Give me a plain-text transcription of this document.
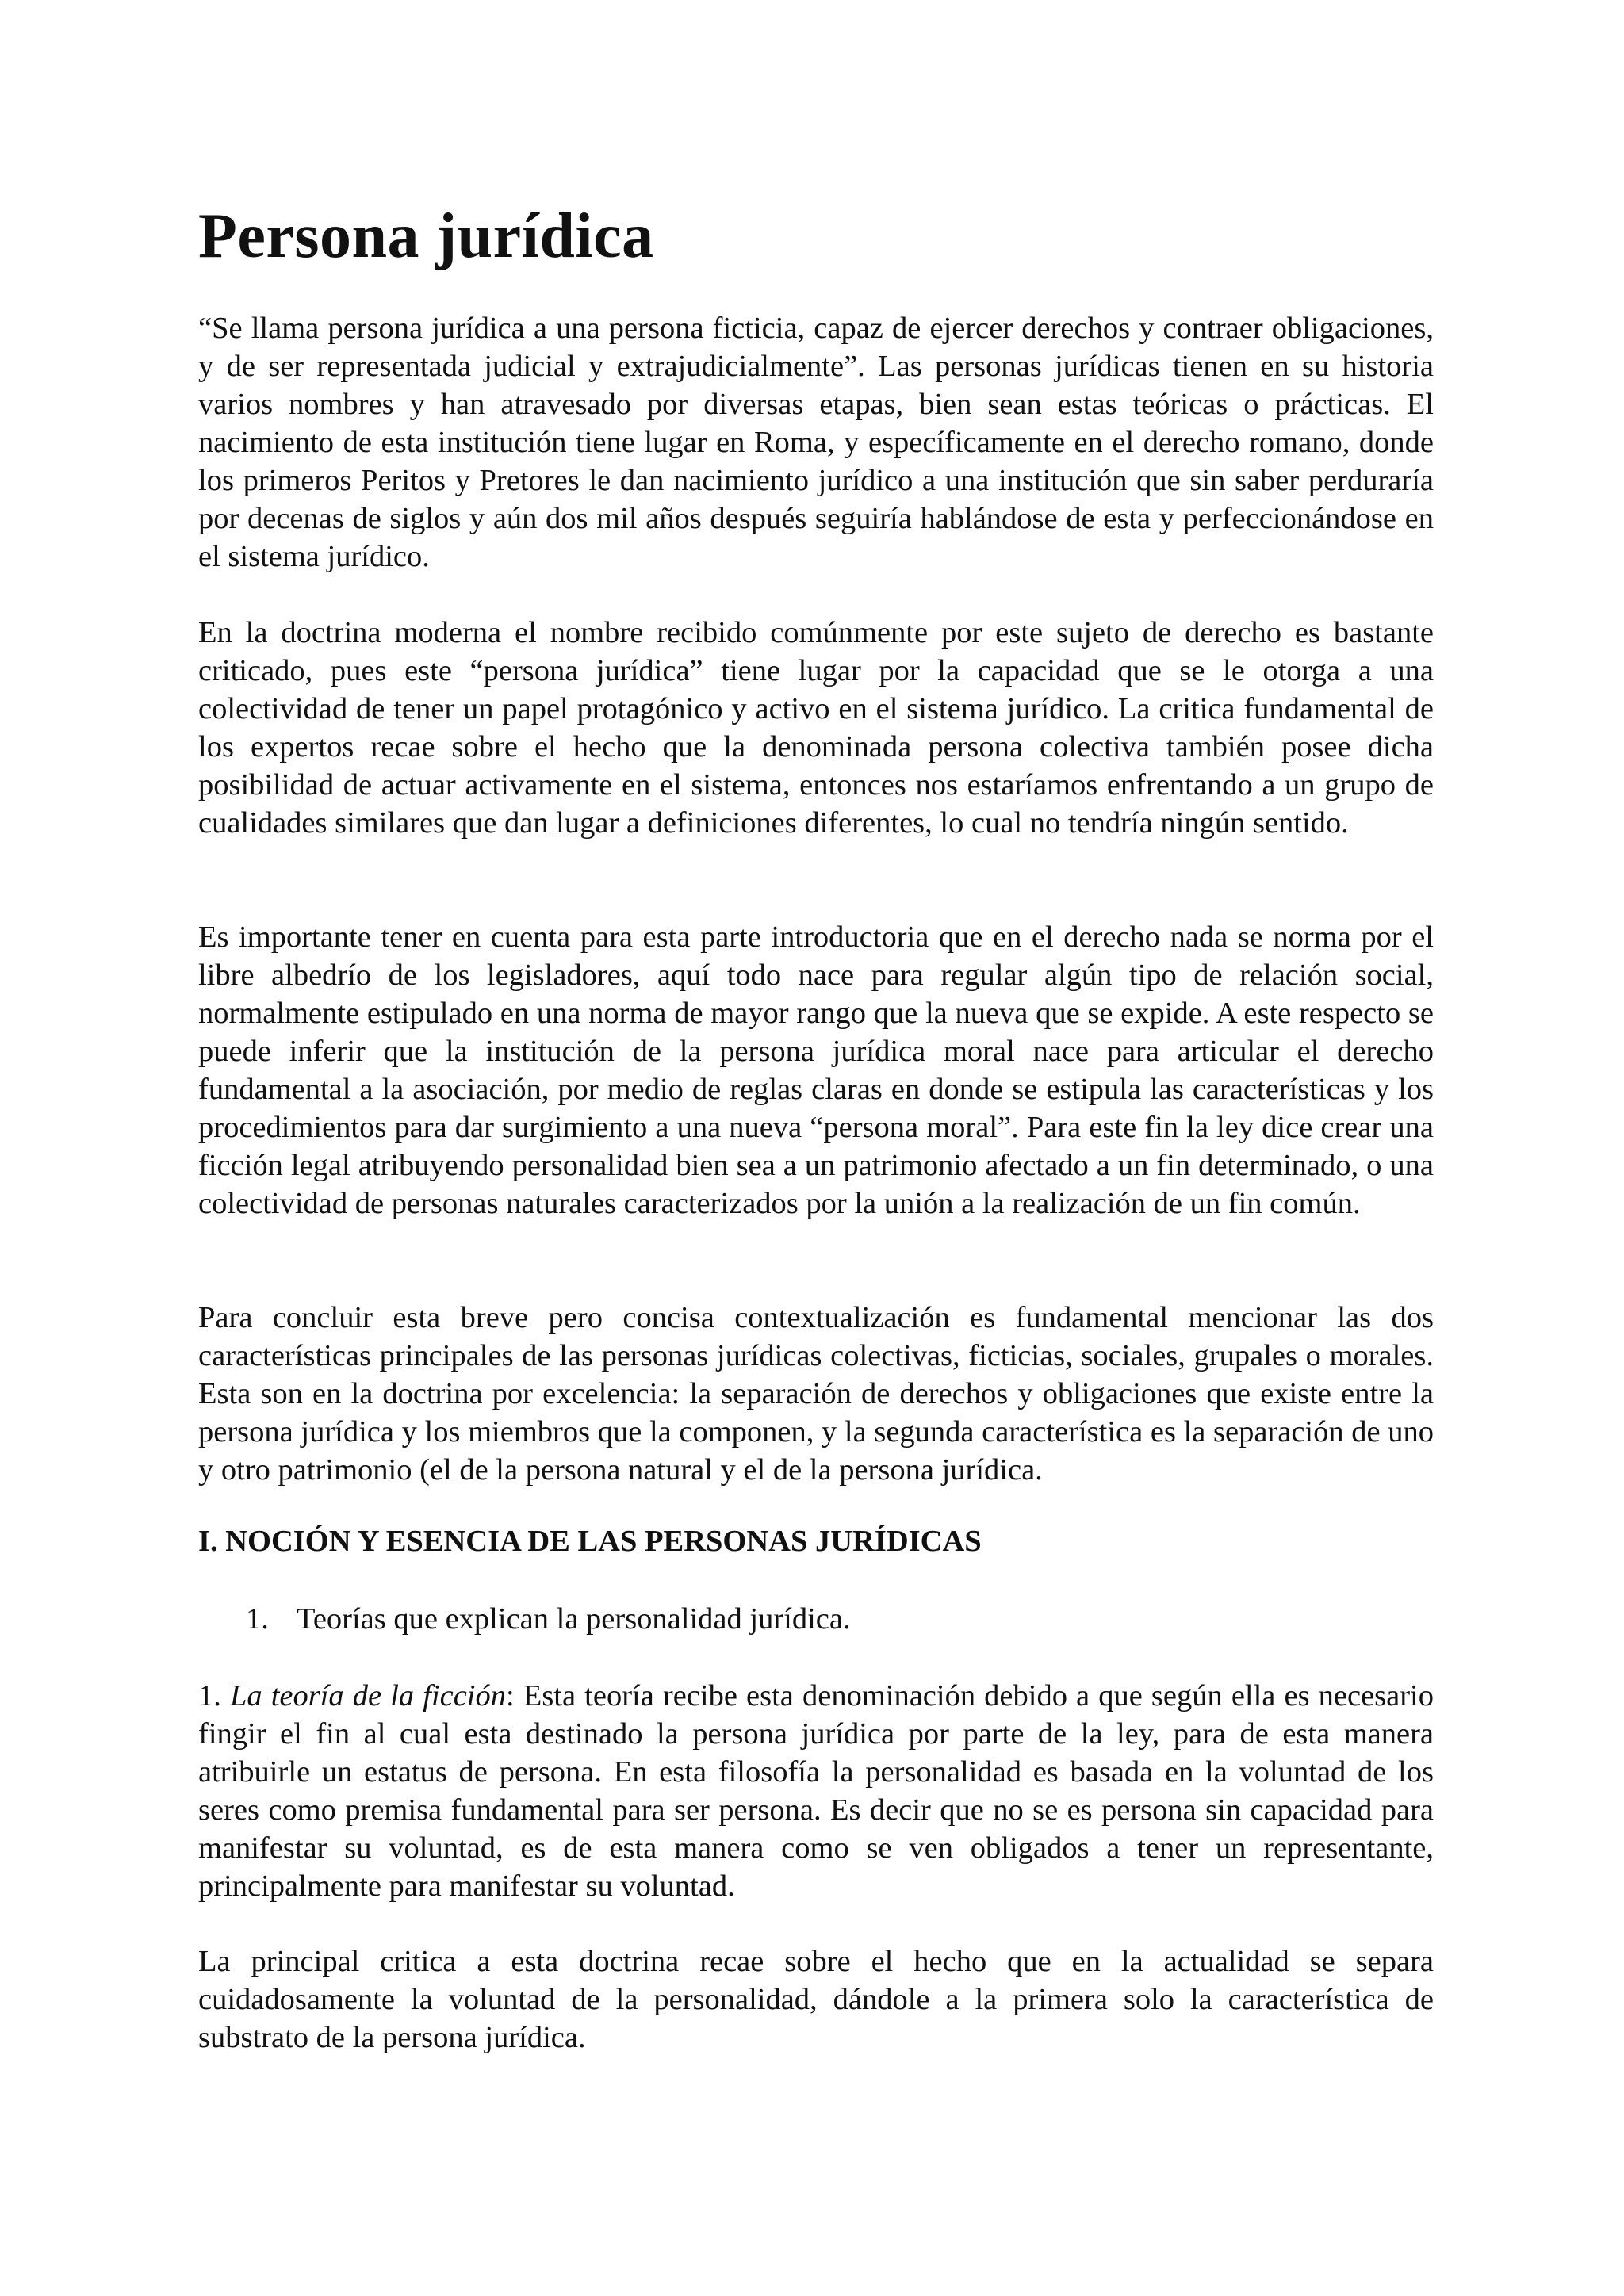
Persona jurídica

“Se llama persona jurídica a una persona ficticia, capaz de ejercer derechos y contraer obligaciones, y de ser representada judicial y extrajudicialmente”. Las personas jurídicas tienen en su historia varios nombres y han atravesado por diversas etapas, bien sean estas teóricas o prácticas. El nacimiento de esta institución tiene lugar en Roma, y específicamente en el derecho romano, donde los primeros Peritos y Pretores le dan nacimiento jurídico a una institución que sin saber perduraría por decenas de siglos y aún dos mil años después seguiría hablándose de esta y perfeccionándose en el sistema jurídico.

En la doctrina moderna el nombre recibido comúnmente por este sujeto de derecho es bastante criticado, pues este “persona jurídica” tiene lugar por la capacidad que se le otorga a una colectividad de tener un papel protagónico y activo en el sistema jurídico. La critica fundamental de los expertos recae sobre el hecho que la denominada persona colectiva también posee dicha posibilidad de actuar activamente en el sistema, entonces nos estaríamos enfrentando a un grupo de cualidades similares que dan lugar a definiciones diferentes, lo cual no tendría ningún sentido.

Es importante tener en cuenta para esta parte introductoria que en el derecho nada se norma por el libre albedrío de los legisladores, aquí todo nace para regular algún tipo de relación social, normalmente estipulado en una norma de mayor rango que la nueva que se expide. A este respecto se puede inferir que la institución de la persona jurídica moral nace para articular el derecho fundamental a la asociación, por medio de reglas claras en donde se estipula las características y los procedimientos para dar surgimiento a una nueva “persona moral”. Para este fin la ley dice crear una ficción legal atribuyendo personalidad bien sea a un patrimonio afectado a un fin determinado, o una colectividad de personas naturales caracterizados por la unión a la realización de un fin común.

Para concluir esta breve pero concisa contextualización es fundamental mencionar las dos características principales de las personas jurídicas colectivas, ficticias, sociales, grupales o morales. Esta son en la doctrina por excelencia: la separación de derechos y obligaciones que existe entre la persona jurídica y los miembros que la componen, y la segunda característica es la separación de uno y otro patrimonio (el de la persona natural y el de la persona jurídica.

I. NOCIÓN Y ESENCIA DE LAS PERSONAS JURÍDICAS

1. Teorías que explican la personalidad jurídica.

1. La teoría de la ficción: Esta teoría recibe esta denominación debido a que según ella es necesario fingir el fin al cual esta destinado la persona jurídica por parte de la ley, para de esta manera atribuirle un estatus de persona. En esta filosofía la personalidad es basada en la voluntad de los seres como premisa fundamental para ser persona. Es decir que no se es persona sin capacidad para manifestar su voluntad, es de esta manera como se ven obligados a tener un representante, principalmente para manifestar su voluntad.

La principal critica a esta doctrina recae sobre el hecho que en la actualidad se separa cuidadosamente la voluntad de la personalidad, dándole a la primera solo la característica de substrato de la persona jurídica.
